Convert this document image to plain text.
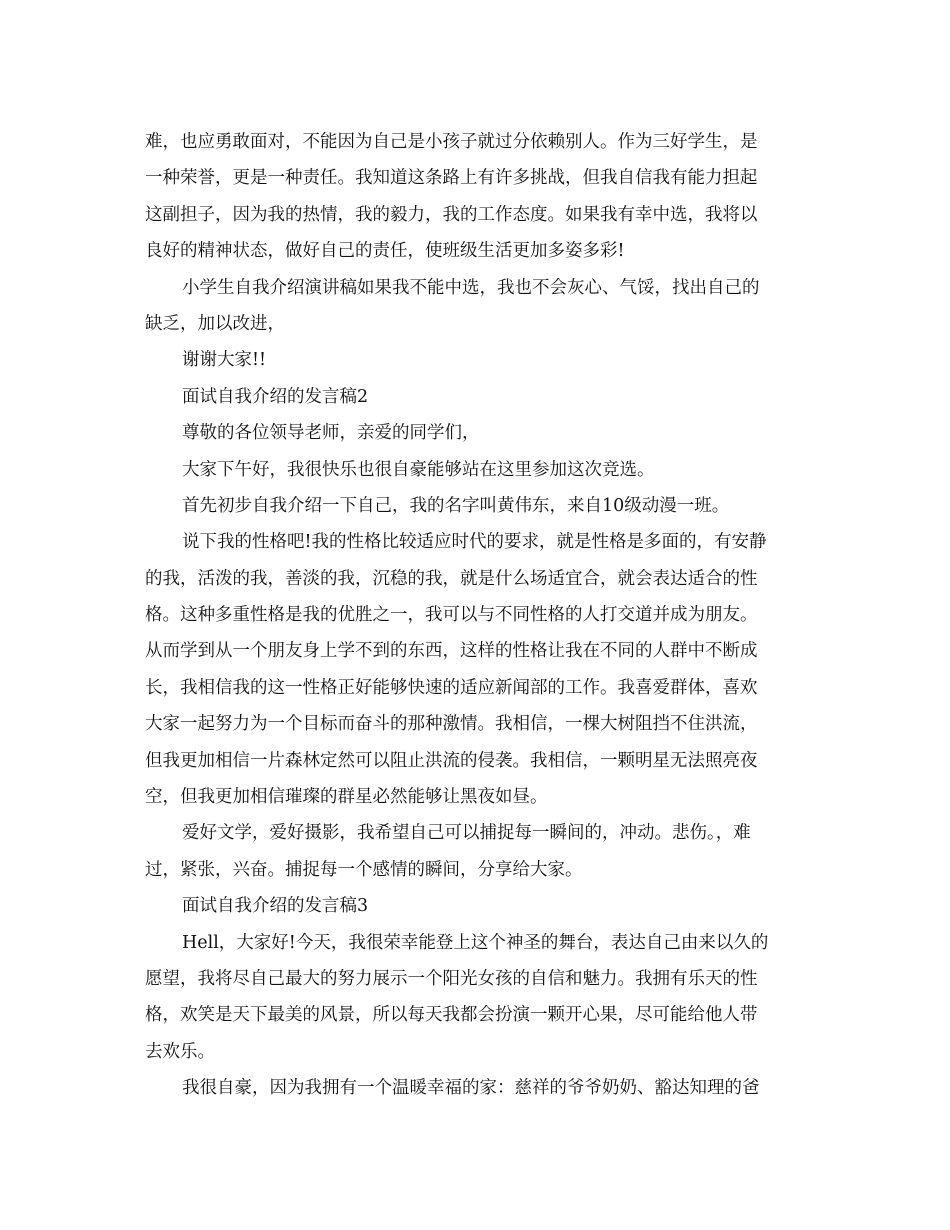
难，也应勇敢面对，不能因为自己是小孩子就过分依赖别人。作为三好学生，是
一种荣誉，更是一种责任。我知道这条路上有许多挑战，但我自信我有能力担起
这副担子，因为我的热情，我的毅力，我的工作态度。如果我有幸中选，我将以
良好的精神状态，做好自己的责任，使班级生活更加多姿多彩!

小学生自我介绍演讲稿如果我不能中选，我也不会灰心、气馁，找出自己的
缺乏，加以改进，

谢谢大家!!

面试自我介绍的发言稿2

尊敬的各位领导老师，亲爱的同学们，

大家下午好，我很快乐也很自豪能够站在这里参加这次竞选。

首先初步自我介绍一下自己，我的名字叫黄伟东，来自10级动漫一班。

说下我的性格吧!我的性格比较适应时代的要求，就是性格是多面的，有安静
的我，活泼的我，善淡的我，沉稳的我，就是什么场适宜合，就会表达适合的性
格。这种多重性格是我的优胜之一，我可以与不同性格的人打交道并成为朋友。
从而学到从一个朋友身上学不到的东西，这样的性格让我在不同的人群中不断成
长，我相信我的这一性格正好能够快速的适应新闻部的工作。我喜爱群体，喜欢
大家一起努力为一个目标而奋斗的那种激情。我相信，一棵大树阻挡不住洪流，
但我更加相信一片森林定然可以阻止洪流的侵袭。我相信，一颗明星无法照亮夜
空，但我更加相信璀璨的群星必然能够让黑夜如昼。

爱好文学，爱好摄影，我希望自己可以捕捉每一瞬间的，冲动。悲伤。，难
过，紧张，兴奋。捕捉每一个感情的瞬间，分享给大家。

面试自我介绍的发言稿3

Hell，大家好!今天，我很荣幸能登上这个神圣的舞台，表达自己由来以久的
愿望，我将尽自己最大的努力展示一个阳光女孩的自信和魅力。我拥有乐天的性
格，欢笑是天下最美的风景，所以每天我都会扮演一颗开心果，尽可能给他人带
去欢乐。

我很自豪，因为我拥有一个温暖幸福的家：慈祥的爷爷奶奶、豁达知理的爸
